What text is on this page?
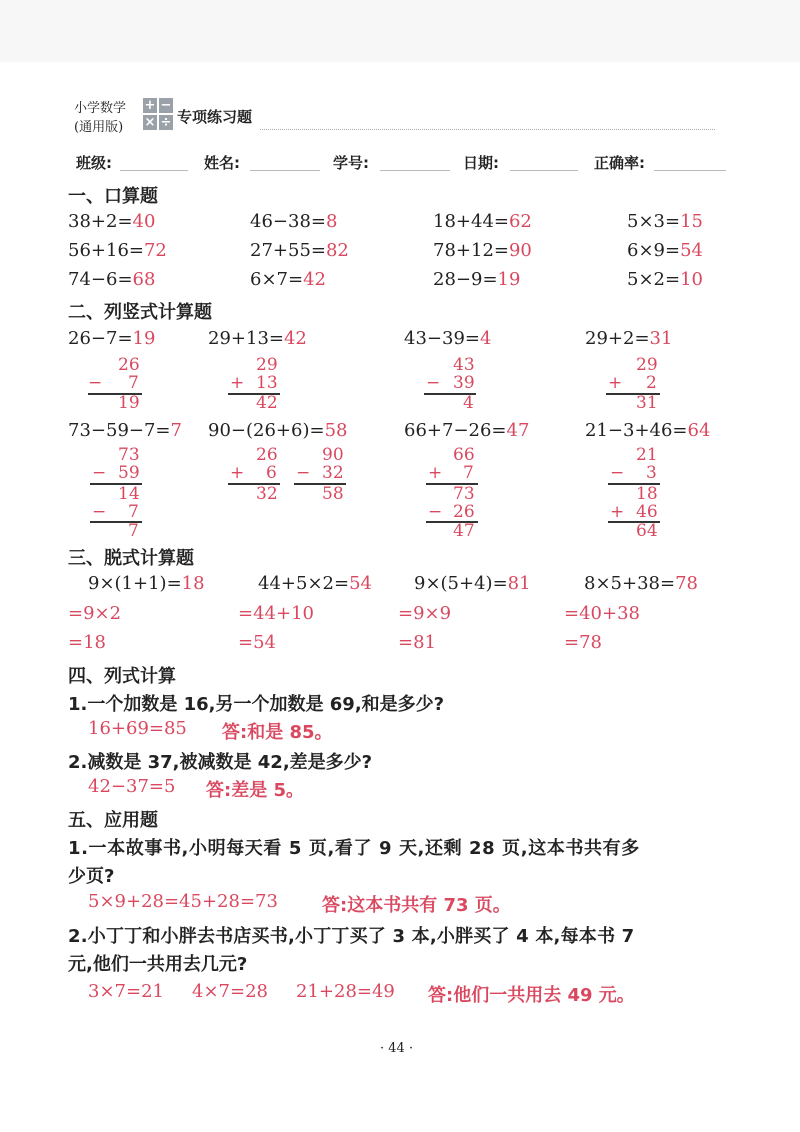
小学数学
(通用版)
+ −
× ÷ 专项练习题
班级:	姓名:	学号:	日期:	正确率:
一、口算题
38+2=40	46−38=8	18+44=62	5×3=15
56+16=72	27+55=82	78+12=90	6×9=54
74−6=68	6×7=42	28−9=19	5×2=10
二、列竖式计算题
26−7=19	29+13=42	43−39=4	29+2=31
26
− 7
19
29
+ 13
42
43
− 39
4
29
+ 2
31
73−59−7=7 90−(26+6)=58	66+7−26=47	21−3+46=64
73
− 59
14
− 7
7
26
+ 6
32
90
− 32
58
66
+ 7
73
− 26
47
21
− 3
18
+ 46
64
三、脱式计算题
9×(1+1)=18	44+5×2=54 9×(5+4)=81	8×5+38=78
=9×2	=44+10	=9×9	=40+38
=18	=54	=81	=78
四、列式计算
1.一个加数是 16,另一个加数是 69,和是多少?
16+69=85 答:和是 85。
2.减数是 37,被减数是 42,差是多少?
42−37=5 答:差是 5。
五、应用题
1.一本故事书,小明每天看 5 页,看了 9 天,还剩 28 页,这本书共有多
少页?
5×9+28=45+28=73 答:这本书共有 73 页。
2.小丁丁和小胖去书店买书,小丁丁买了 3 本,小胖买了 4 本,每本书 7
元,他们一共用去几元?
3×7=21 4×7=28 21+28=49 答:他们一共用去 49 元。
· 44 ·
